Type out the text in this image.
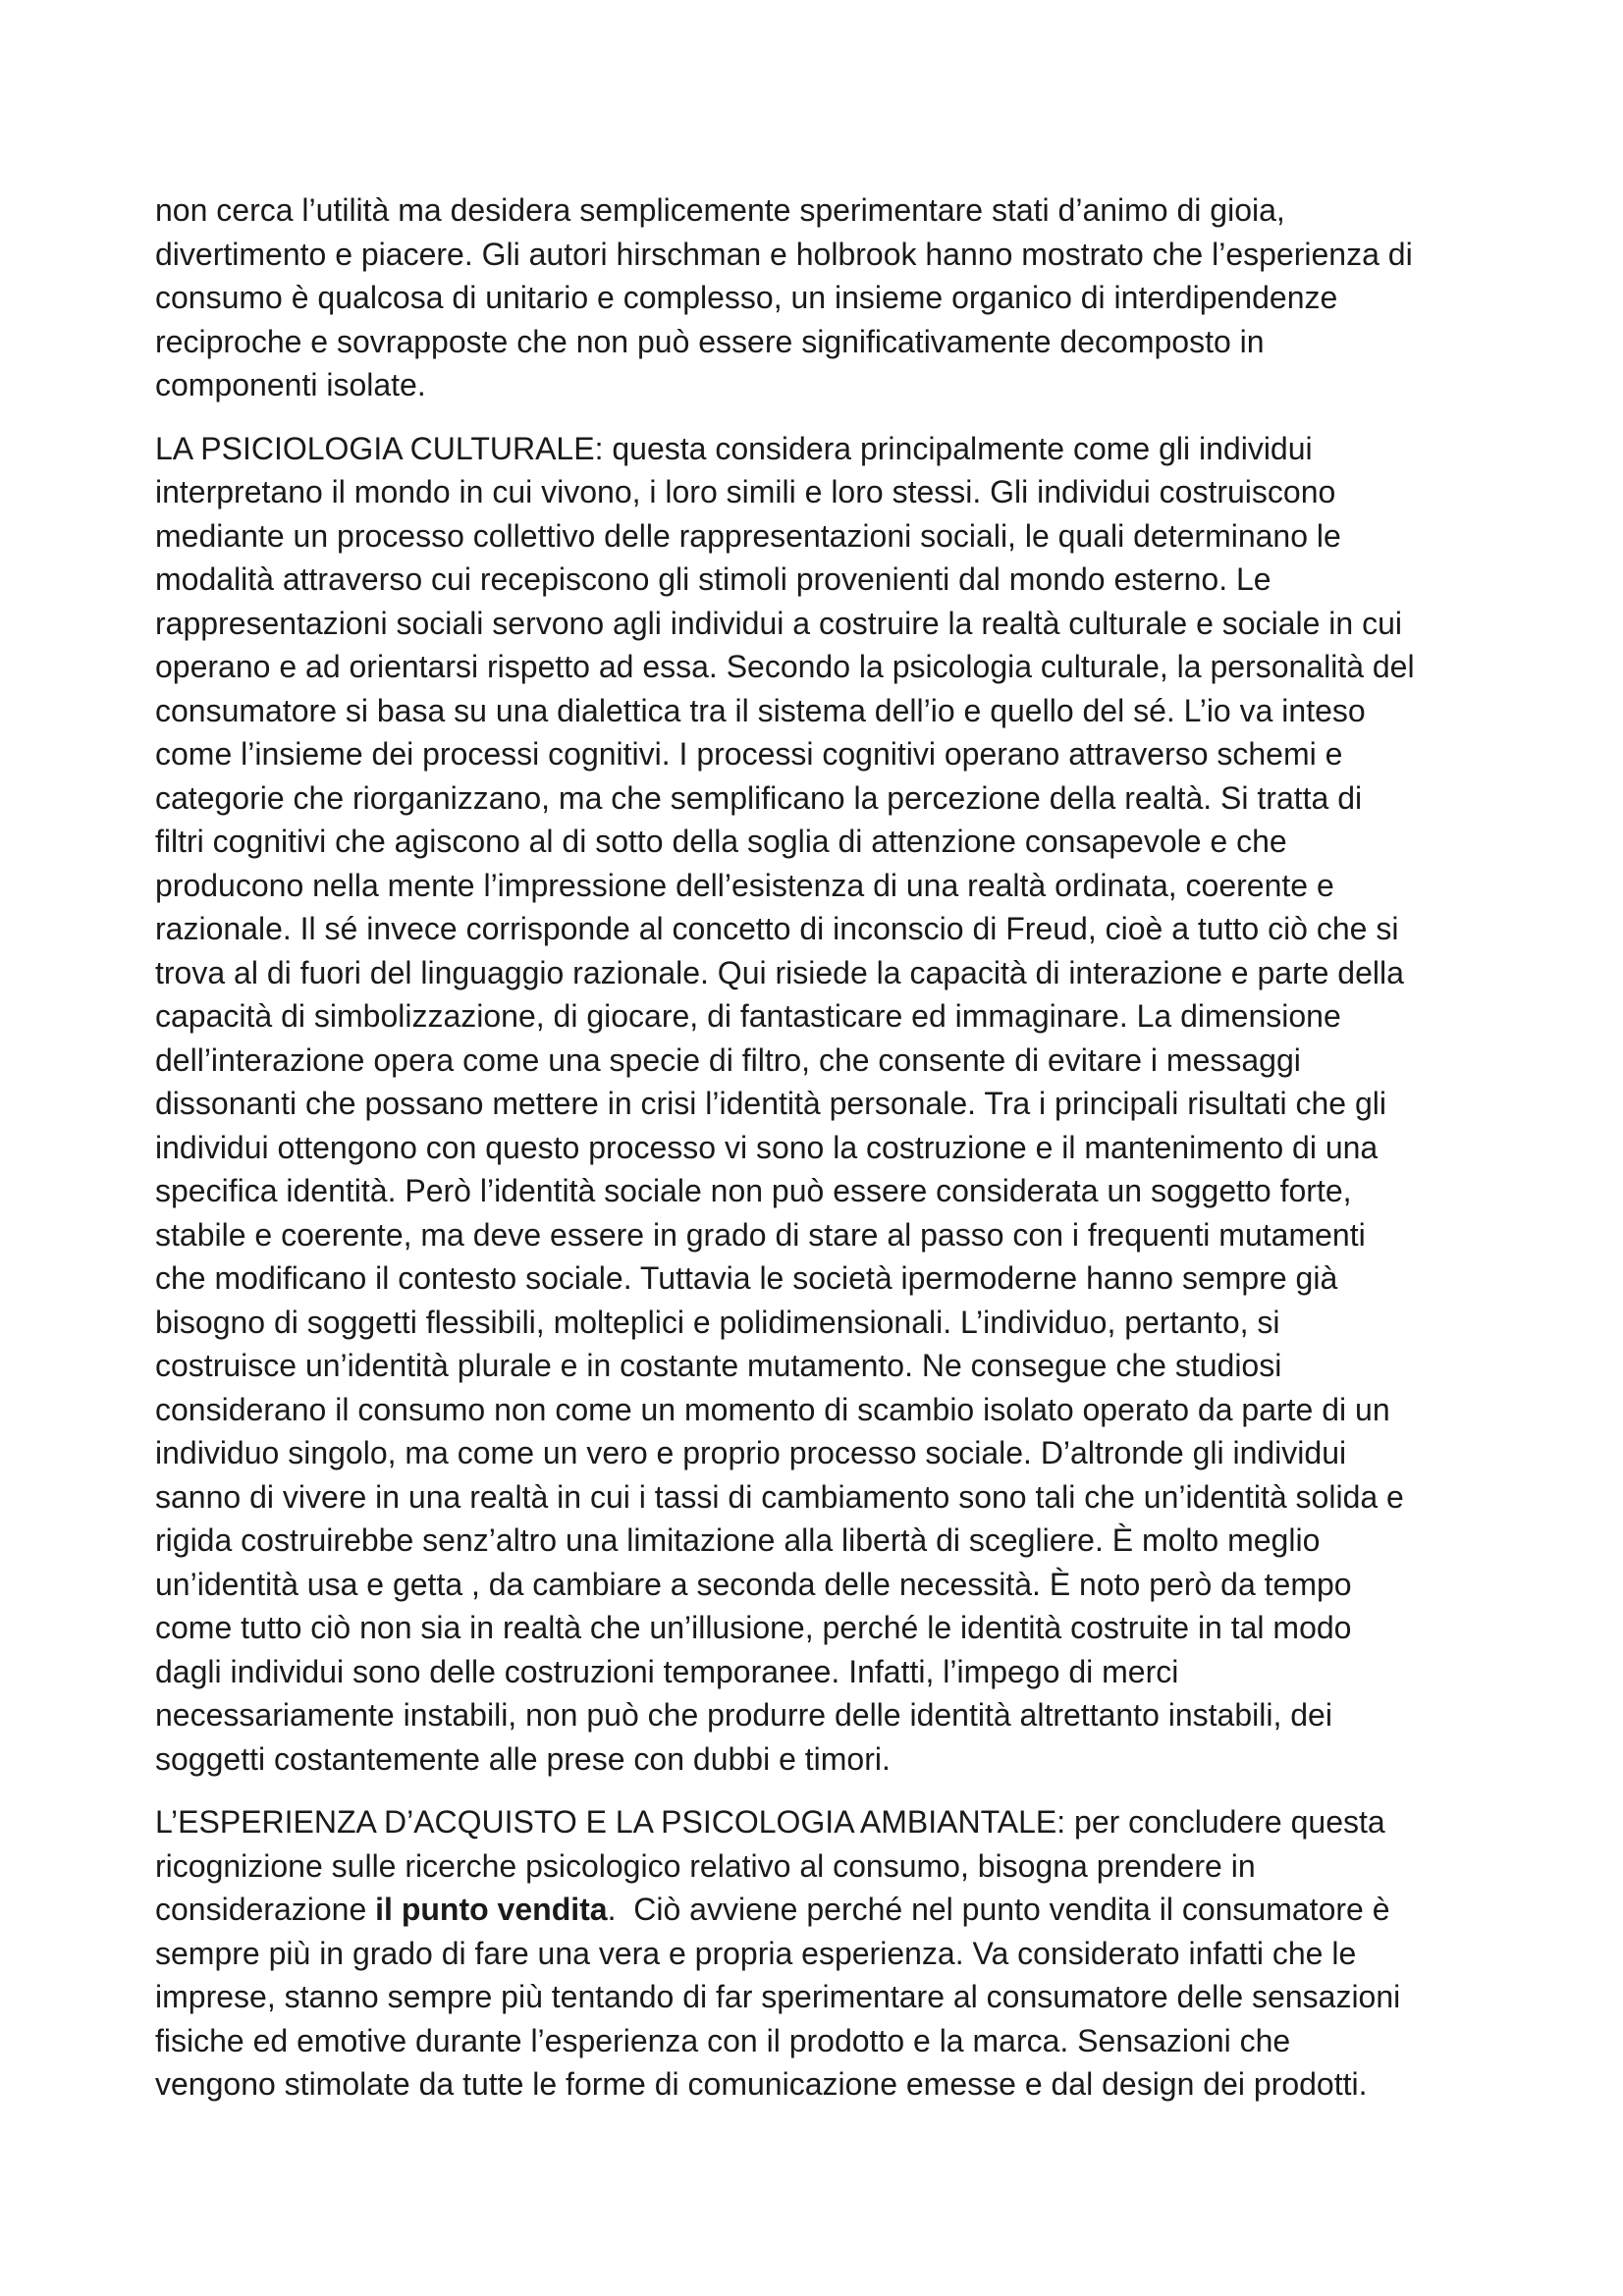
non cerca l’utilità ma desidera semplicemente sperimentare stati d’animo di gioia,
divertimento e piacere. Gli autori hirschman e holbrook hanno mostrato che l’esperienza di
consumo è qualcosa di unitario e complesso, un insieme organico di interdipendenze
reciproche e sovrapposte che non può essere significativamente decomposto in
componenti isolate.

LA PSICIOLOGIA CULTURALE: questa considera principalmente come gli individui
interpretano il mondo in cui vivono, i loro simili e loro stessi. Gli individui costruiscono
mediante un processo collettivo delle rappresentazioni sociali, le quali determinano le
modalità attraverso cui recepiscono gli stimoli provenienti dal mondo esterno. Le
rappresentazioni sociali servono agli individui a costruire la realtà culturale e sociale in cui
operano e ad orientarsi rispetto ad essa. Secondo la psicologia culturale, la personalità del
consumatore si basa su una dialettica tra il sistema dell’io e quello del sé. L’io va inteso
come l’insieme dei processi cognitivi. I processi cognitivi operano attraverso schemi e
categorie che riorganizzano, ma che semplificano la percezione della realtà. Si tratta di
filtri cognitivi che agiscono al di sotto della soglia di attenzione consapevole e che
producono nella mente l’impressione dell’esistenza di una realtà ordinata, coerente e
razionale. Il sé invece corrisponde al concetto di inconscio di Freud, cioè a tutto ciò che si
trova al di fuori del linguaggio razionale. Qui risiede la capacità di interazione e parte della
capacità di simbolizzazione, di giocare, di fantasticare ed immaginare. La dimensione
dell’interazione opera come una specie di filtro, che consente di evitare i messaggi
dissonanti che possano mettere in crisi l’identità personale. Tra i principali risultati che gli
individui ottengono con questo processo vi sono la costruzione e il mantenimento di una
specifica identità. Però l’identità sociale non può essere considerata un soggetto forte,
stabile e coerente, ma deve essere in grado di stare al passo con i frequenti mutamenti
che modificano il contesto sociale. Tuttavia le società ipermoderne hanno sempre già
bisogno di soggetti flessibili, molteplici e polidimensionali. L’individuo, pertanto, si
costruisce un’identità plurale e in costante mutamento. Ne consegue che studiosi
considerano il consumo non come un momento di scambio isolato operato da parte di un
individuo singolo, ma come un vero e proprio processo sociale. D’altronde gli individui
sanno di vivere in una realtà in cui i tassi di cambiamento sono tali che un’identità solida e
rigida costruirebbe senz’altro una limitazione alla libertà di scegliere. È molto meglio
un’identità usa e getta , da cambiare a seconda delle necessità. È noto però da tempo
come tutto ciò non sia in realtà che un’illusione, perché le identità costruite in tal modo
dagli individui sono delle costruzioni temporanee. Infatti, l’impego di merci
necessariamente instabili, non può che produrre delle identità altrettanto instabili, dei
soggetti costantemente alle prese con dubbi e timori.

L’ESPERIENZA D’ACQUISTO E LA PSICOLOGIA AMBIANTALE: per concludere questa
ricognizione sulle ricerche psicologico relativo al consumo, bisogna prendere in
considerazione il punto vendita.  Ciò avviene perché nel punto vendita il consumatore è
sempre più in grado di fare una vera e propria esperienza. Va considerato infatti che le
imprese, stanno sempre più tentando di far sperimentare al consumatore delle sensazioni
fisiche ed emotive durante l’esperienza con il prodotto e la marca. Sensazioni che
vengono stimolate da tutte le forme di comunicazione emesse e dal design dei prodotti.
